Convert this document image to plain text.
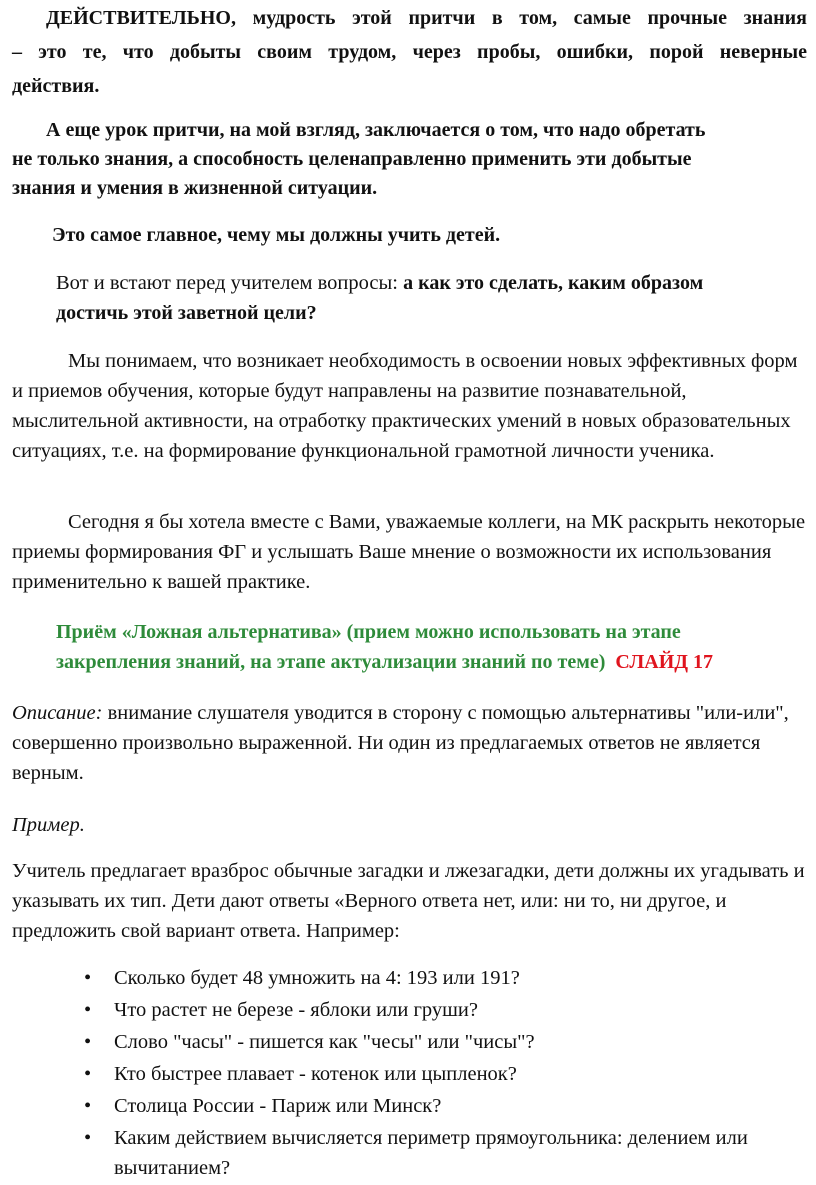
ДЕЙСТВИТЕЛЬНО, мудрость этой притчи в том, самые прочные знания
– это те, что добыты своим трудом, через пробы, ошибки, порой неверные
действия.
А еще урок притчи, на мой взгляд, заключается о том, что надо обретать
не только знания, а способность целенаправленно применить эти добытые
знания и умения в жизненной ситуации.
Это самое главное, чему мы должны учить детей.
Вот и встают перед учителем вопросы: а как это сделать, каким образом
достичь этой заветной цели?
Мы понимаем, что возникает необходимость в освоении новых эффективных форм и приемов обучения, которые будут направлены на развитие познавательной, мыслительной активности, на отработку практических умений в новых образовательных ситуациях, т.е. на формирование функциональной грамотной личности ученика.
Сегодня я бы хотела вместе с Вами, уважаемые коллеги, на МК раскрыть некоторые приемы формирования ФГ и услышать Ваше мнение о возможности их использования применительно к вашей практике.
Приём «Ложная альтернатива» (прием можно использовать на этапе
закрепления знаний, на этапе актуализации знаний по теме) СЛАЙД 17
Описание: внимание слушателя уводится в сторону с помощью альтернативы "или-или", совершенно произвольно выраженной. Ни один из предлагаемых ответов не является верным.
Пример.
Учитель предлагает вразброс обычные загадки и лжезагадки, дети должны их угадывать и указывать их тип. Дети дают ответы «Верного ответа нет, или: ни то, ни другое, и предложить свой вариант ответа. Например:
• Сколько будет 48 умножить на 4: 193 или 191?
• Что растет не березе - яблоки или груши?
• Слово "часы" - пишется как "чесы" или "чисы"?
• Кто быстрее плавает - котенок или цыпленок?
• Столица России - Париж или Минск?
• Каким действием вычисляется периметр прямоугольника: делением или вычитанием?
